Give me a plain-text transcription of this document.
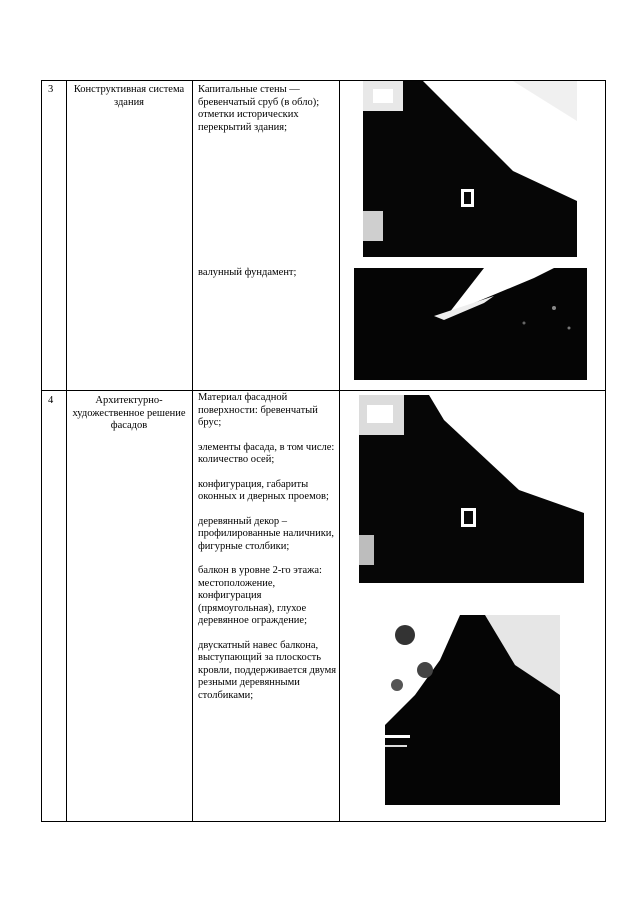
3	Конструктивная система здания
Капитальные стены — бревенчатый сруб (в обло); отметки исторических перекрытий здания;
валунный фундамент;
4	Архитектурно-художественное решение фасадов

Материал фасадной поверхности: бревенчатый брус;

элементы фасада, в том числе: количество осей;

конфигурация, габариты оконных и дверных проемов;

деревянный декор – профилированные наличники, фигурные столбики;

балкон в уровне 2-го этажа: местоположение, конфигурация (прямоугольная), глухое деревянное ограждение;

двускатный навес балкона, выступающий за плоскость кровли, поддерживается двумя резными деревянными столбиками;
